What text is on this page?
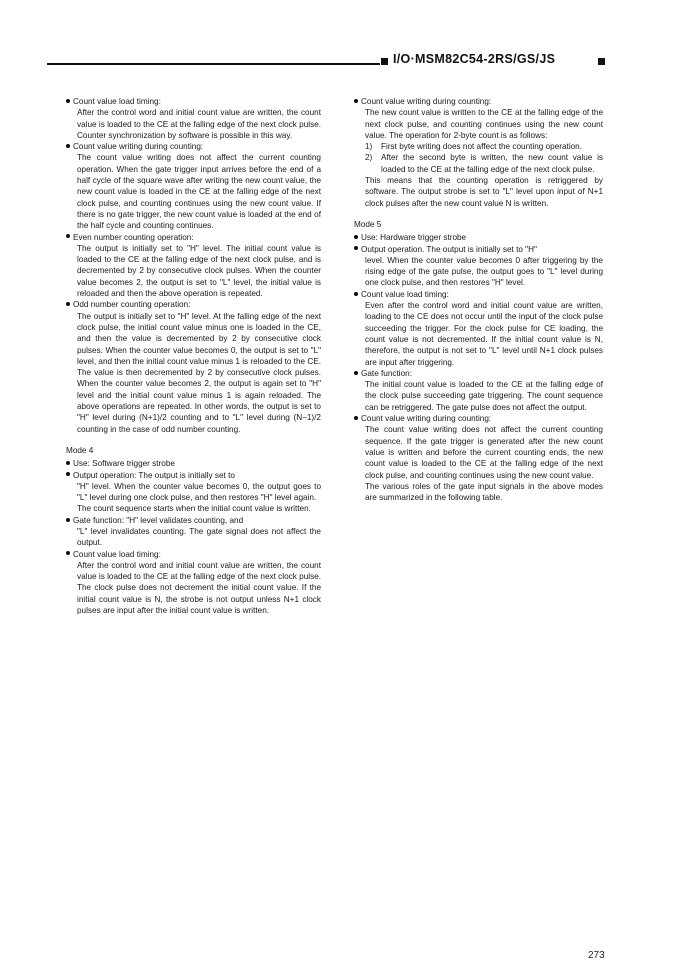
I/O·MSM82C54-2RS/GS/JS
Count value load timing:

After the control word and initial count value are written, the count value is loaded to the CE at the falling edge of the next clock pulse. Counter synchronization by software is possible in this way.

Count value writing during counting:

The count value writing does not affect the current counting operation. When the gate trigger input arrives before the end of a half cycle of the square wave after writing the new count value, the new count value is loaded in the CE at the falling edge of the next clock pulse, and counting continues using the new count value. If there is no gate trigger, the new count value is loaded at the end of the half cycle and counting continues.

Even number counting operation:

The output is initially set to "H" level. The initial count value is loaded to the CE at the falling edge of the next clock pulse, and is decremented by 2 by consecutive clock pulses. When the counter value becomes 2, the output is set to "L" level, the initial value is reloaded and then the above operation is repeated.

Odd number counting operation:

The output is initially set to "H" level. At the falling edge of the next clock pulse, the initial count value minus one is loaded in the CE, and then the value is decremented by 2 by consecutive clock pulses. When the counter value becomes 0, the output is set to "L" level, and then the initial count value minus 1 is reloaded to the CE. The value is then decremented by 2 by consecutive clock pulses. When the counter value becomes 2, the output is again set to "H" level and the initial count value minus 1 is again reloaded. The above operations are repeated. In other words, the output is set to "H" level during (N+1)/2 counting and to "L" level during (N−1)/2 counting in the case of odd number counting.

Mode 4

Use: Software trigger strobe
Output operation: The output is initially set to

"H" level. When the counter value becomes 0, the output goes to "L" level during one clock pulse, and then restores "H" level again.

The count sequence starts when the initial count value is written.

Gate function: "H" level validates counting, and

"L" level invalidates counting. The gate signal does not affect the output.

Count value load timing:

After the control word and initial count value are written, the count value is loaded to the CE at the falling edge of the next clock pulse. The clock pulse does not decrement the initial count value. If the initial count value is N, the strobe is not output unless N+1 clock pulses are input after the initial count value is written.

Count value writing during counting:

The new count value is written to the CE at the falling edge of the next clock pulse, and counting continues using the new count value. The operation for 2-byte count is as follows:

1)	First byte writing does not affect the counting operation.
2)	After the second byte is written, the new count value is loaded to the CE at the falling edge of the next clock pulse.

This means that the counting operation is retriggered by software. The output strobe is set to "L" level upon input of N+1 clock pulses after the new count value N is written.

Mode 5

Use: Hardware trigger strobe
Output operation. The output is initially set to "H"

level. When the counter value becomes 0 after triggering by the rising edge of the gate pulse, the output goes to "L" level during one clock pulse, and then restores "H" level.

Count value load timing:

Even after the control word and initial count value are written, loading to the CE does not occur until the input of the clock pulse succeeding the trigger. For the clock pulse for CE loading, the count value is not decremented. If the initial count value is N, therefore, the output is not set to "L" level until N+1 clock pulses are input after triggering.

Gate function:

The initial count value is loaded to the CE at the falling edge of the clock pulse succeeding gate triggering. The count sequence can be retriggered. The gate pulse does not affect the output.

Count value writing during counting:

The count value writing does not affect the current counting sequence. If the gate trigger is generated after the new count value is written and before the current counting ends, the new count value is loaded to the CE at the falling edge of the next clock pulse, and counting continues using the new count value.

The various roles of the gate input signals in the above modes are summarized in the following table.

273
